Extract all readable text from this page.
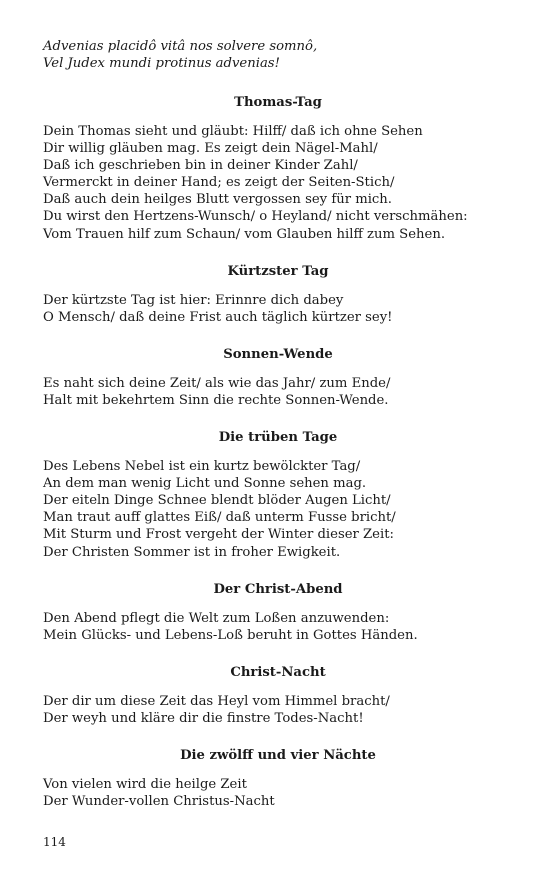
Advenias placidô vitâ nos solvere somnô,
Vel Judex mundi protinus advenias!
Thomas-Tag
Dein Thomas sieht und gläubt: Hilff/ daß ich ohne Sehen
Dir willig gläuben mag. Es zeigt dein Nägel-Mahl/
Daß ich geschrieben bin in deiner Kinder Zahl/
Vermerckt in deiner Hand; es zeigt der Seiten-Stich/
Daß auch dein heilges Blutt vergossen sey für mich.
Du wirst den Hertzens-Wunsch/ o Heyland/ nicht verschmähen:
Vom Trauen hilf zum Schaun/ vom Glauben hilff zum Sehen.
Kürtzster Tag
Der kürtzste Tag ist hier: Erinnre dich dabey
O Mensch/ daß deine Frist auch täglich kürtzer sey!
Sonnen-Wende
Es naht sich deine Zeit/ als wie das Jahr/ zum Ende/
Halt mit bekehrtem Sinn die rechte Sonnen-Wende.
Die trüben Tage
Des Lebens Nebel ist ein kurtz bewölckter Tag/
An dem man wenig Licht und Sonne sehen mag.
Der eiteln Dinge Schnee blendt blöder Augen Licht/
Man traut auff glattes Eiß/ daß unterm Fusse bricht/
Mit Sturm und Frost vergeht der Winter dieser Zeit:
Der Christen Sommer ist in froher Ewigkeit.
Der Christ-Abend
Den Abend pflegt die Welt zum Loßen anzuwenden:
Mein Glücks- und Lebens-Loß beruht in Gottes Händen.
Christ-Nacht
Der dir um diese Zeit das Heyl vom Himmel bracht/
Der weyh und kläre dir die finstre Todes-Nacht!
Die zwölff und vier Nächte
Von vielen wird die heilge Zeit
Der Wunder-vollen Christus-Nacht
114
